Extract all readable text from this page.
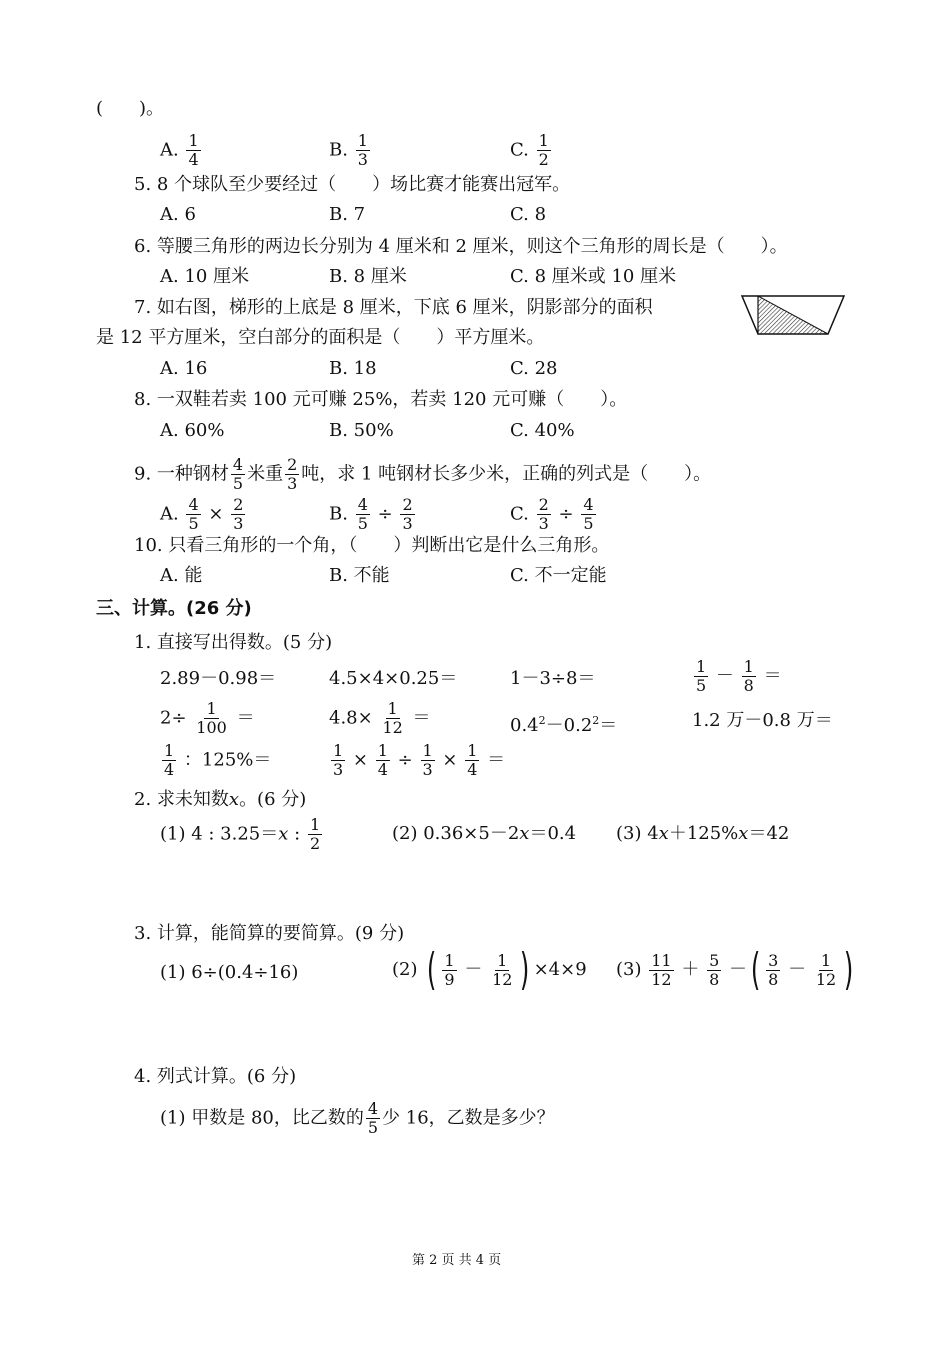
(　　)。
A. $\frac{1}{4}$	B. $\frac{1}{3}$	C. $\frac{1}{2}$
5. 8 个球队至少要经过（　　）场比赛才能赛出冠军。
A. 6	B. 7	C. 8
6. 等腰三角形的两边长分别为 4 厘米和 2 厘米，则这个三角形的周长是（　　）。
A. 10 厘米	B. 8 厘米	C. 8 厘米或 10 厘米
7. 如右图，梯形的上底是 8 厘米，下底 6 厘米，阴影部分的面积
是 12 平方厘米，空白部分的面积是（　　）平方厘米。
A. 16	B. 18	C. 28
8. 一双鞋若卖 100 元可赚 25%，若卖 120 元可赚（　　）。
A. 60%	B. 50%	C. 40%
9. 一种钢材 $\frac{4}{5}$ 米重 $\frac{2}{3}$ 吨，求 1 吨钢材长多少米，正确的列式是（　　）。
A. $\frac{4}{5} \times \frac{2}{3}$	B. $\frac{4}{5} \div \frac{2}{3}$	C. $\frac{2}{3} \div \frac{4}{5}$
10. 只看三角形的一个角，（　　）判断出它是什么三角形。
A. 能	B. 不能	C. 不一定能
三、计算。(26 分)
1. 直接写出得数。(5 分)
2.89－0.98＝	4.5×4×0.25＝	1－3÷8＝	$\frac{1}{5} - \frac{1}{8}$ ＝
$2\div \frac{1}{100}$ ＝	$4.8\times \frac{1}{12}$ ＝	$0.4^2-0.2^2=$	1.2 万－0.8 万＝
$\frac{1}{4}$ ：125%＝	$\frac{1}{3} \times \frac{1}{4} \div \frac{1}{3} \times \frac{1}{4}$ ＝
2. 求未知数x。(6 分)
(1) 4 : 3.25＝x : $\frac{1}{2}$	(2) 0.36×5－2x＝0.4 (3) 4x＋125%x＝42
3. 计算，能简算的要简算。(9 分)
(1) 6÷(0.4÷16)	(2) ( $\frac{1}{9} - \frac{1}{12}$ ) ×4×9 $(3) \frac{11}{12} + \frac{5}{8}$ －( $\frac{3}{8} - \frac{1}{12}$ )
4. 列式计算。(6 分)
(1) 甲数是 80，比乙数的 $\frac{4}{5}$ 少 16，乙数是多少？
第 2 页 共 4 页
